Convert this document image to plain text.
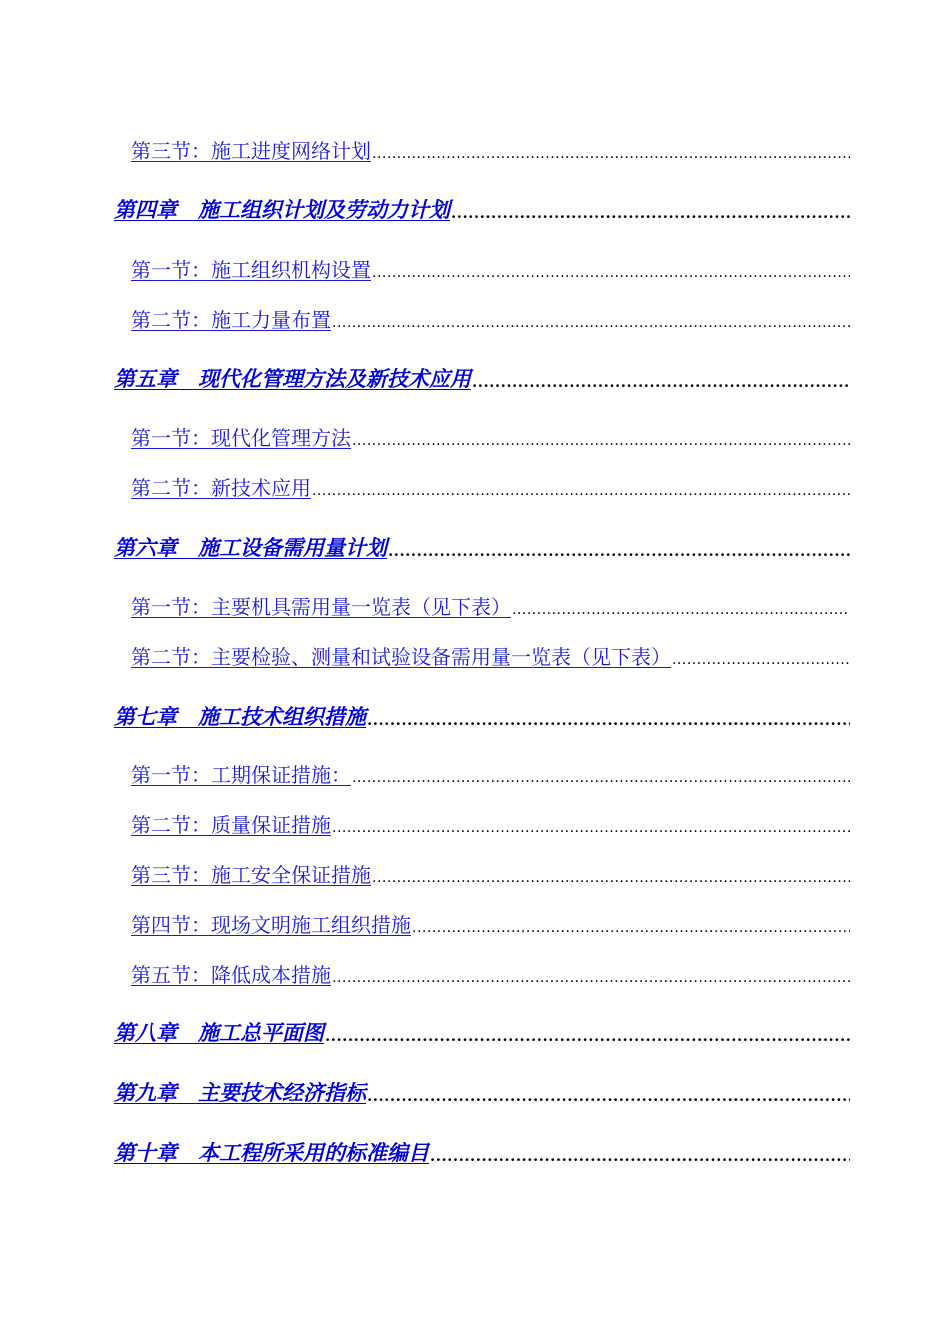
第三节：施工进度网络计划
.....
第四章　施工组织计划及劳动力计划
.....
第一节：施工组织机构设置
.....
第二节：施工力量布置
.....
第五章　现代化管理方法及新技术应用
.....
第一节：现代化管理方法
.....
第二节：新技术应用
.....
第六章　施工设备需用量计划
.....
第一节：主要机具需用量一览表（见下表）
.....
第二节：主要检验、测量和试验设备需用量一览表（见下表）
.....
第七章　施工技术组织措施
.....
第一节：工期保证措施：
.....
第二节：质量保证措施
.....
第三节：施工安全保证措施
.....
第四节：现场文明施工组织措施
.....
第五节：降低成本措施
.....
第八章　施工总平面图
.....
第九章　主要技术经济指标
.....
第十章　本工程所采用的标准编目
.....
